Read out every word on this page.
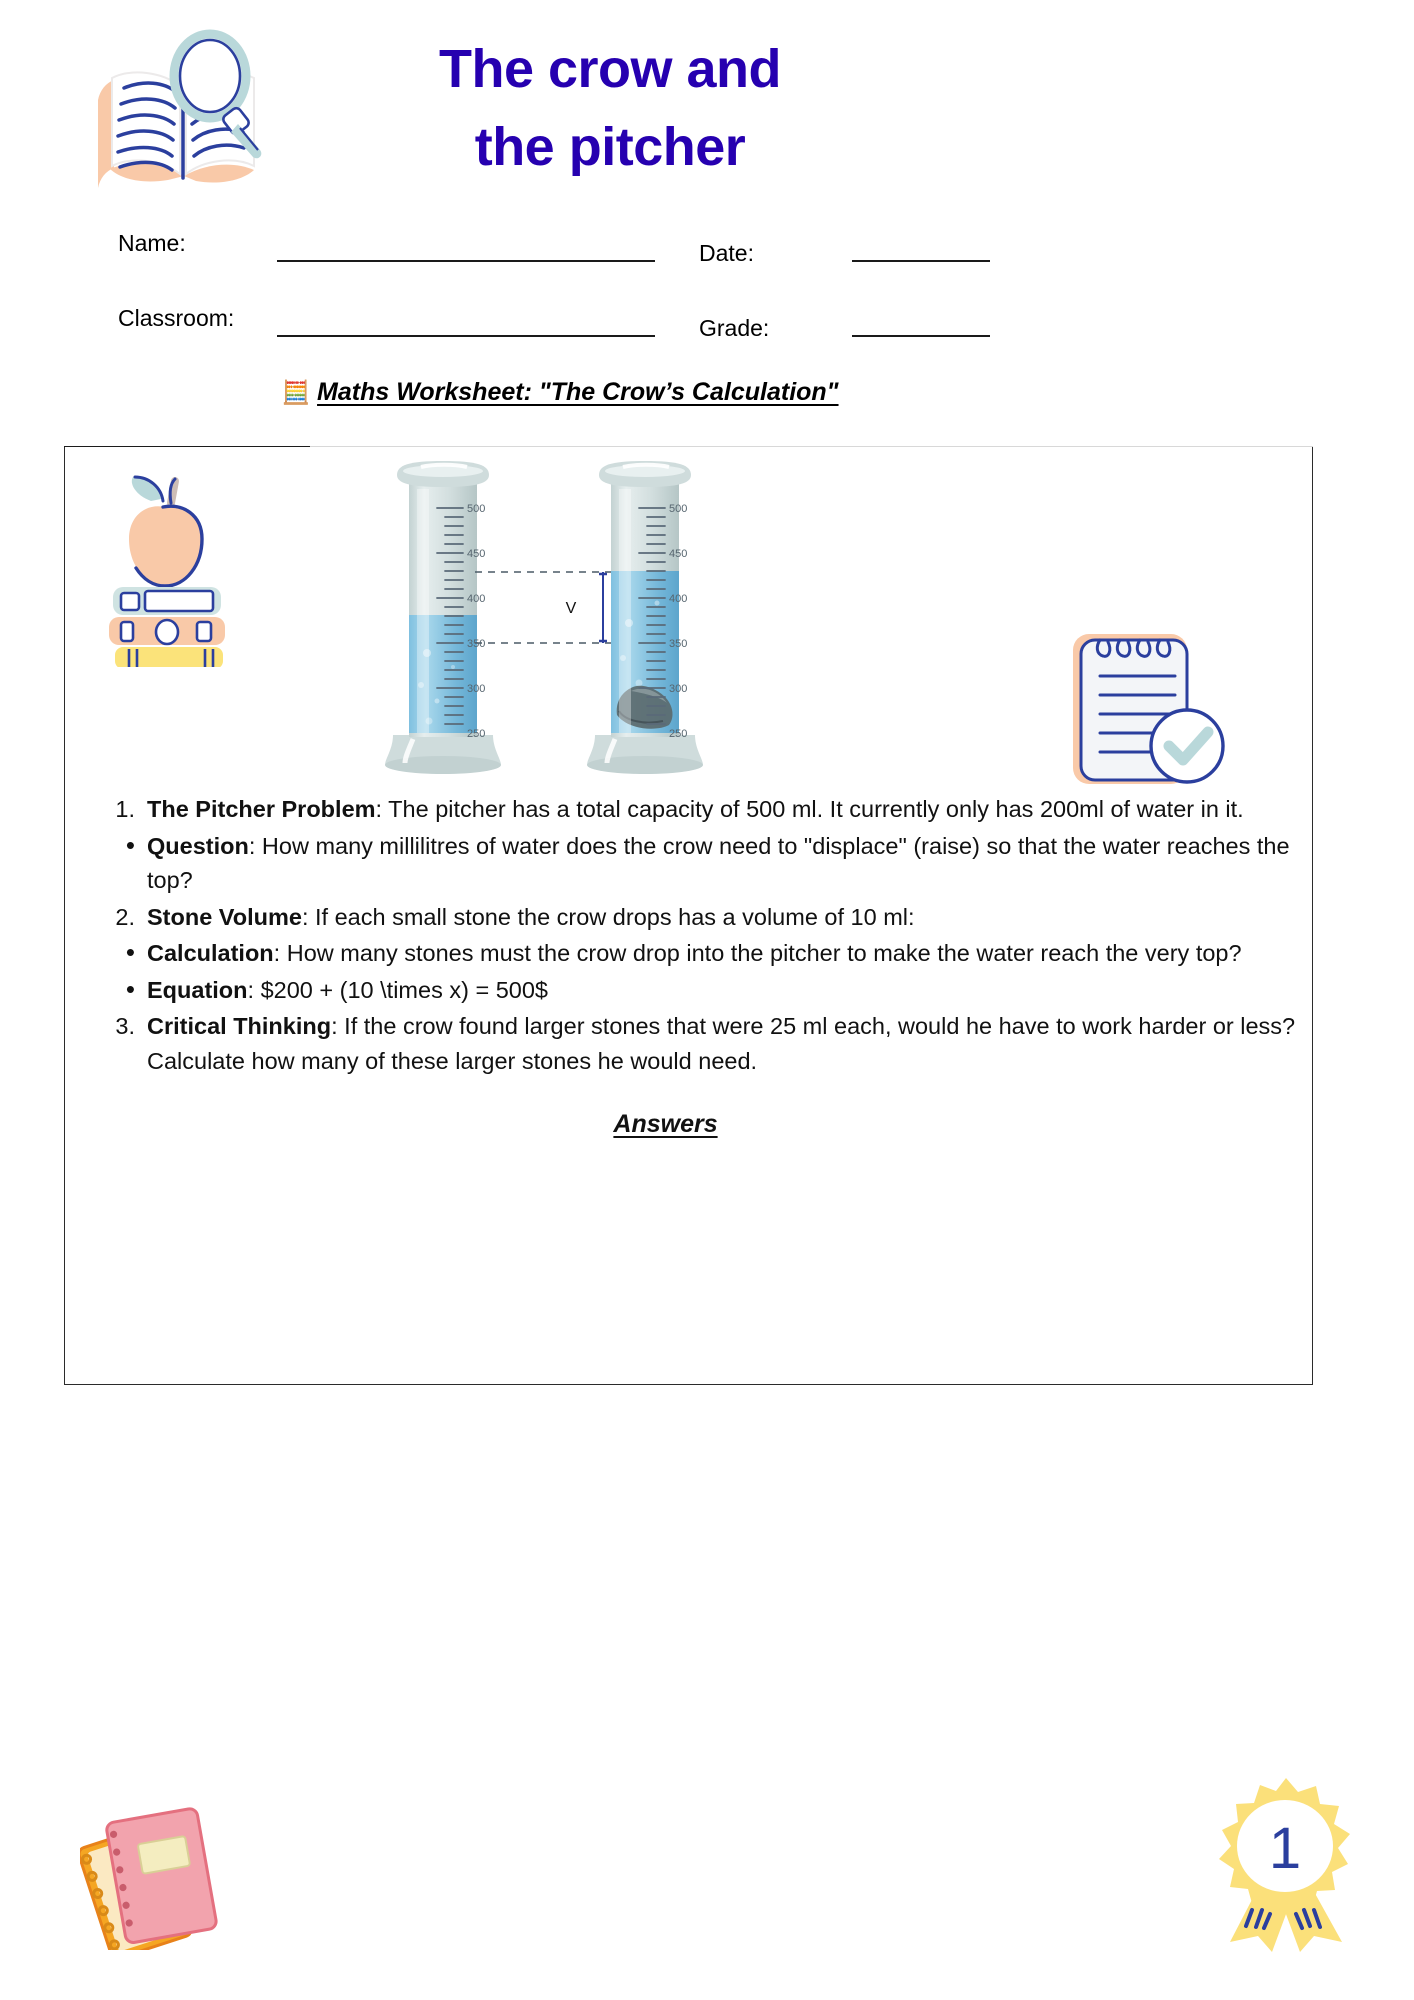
The crow and
the pitcher
Name:	Date:
Classroom:	Grade:
🧮 Maths Worksheet: "The Crow’s Calculation"
500
450
400
350
300
250
500
450
400
350
300
250
V
1. The Pitcher Problem: The pitcher has a total capacity of 500 ml. It currently only has 200ml of water in it.
• Question: How many millilitres of water does the crow need to "displace" (raise) so that the water reaches the top?
2. Stone Volume: If each small stone the crow drops has a volume of 10 ml:
• Calculation: How many stones must the crow drop into the pitcher to make the water reach the very top?
• Equation: $200 + (10 \times x) = 500$
3. Critical Thinking: If the crow found larger stones that were 25 ml each, would he have to work harder or less? Calculate how many of these larger stones he would need.
Answers
1
